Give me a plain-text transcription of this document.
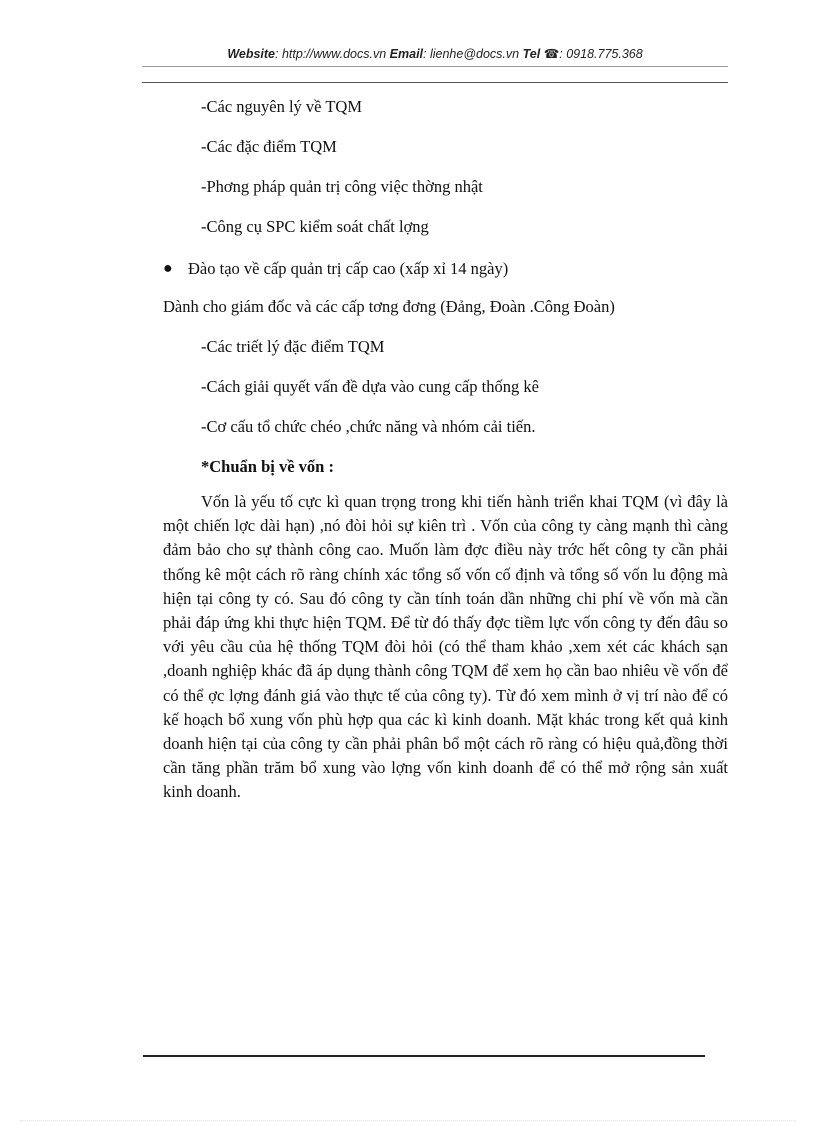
Website: http://www.docs.vn Email: lienhe@docs.vn Tel ☎: 0918.775.368
-Các nguyên lý về TQM
-Các đặc điểm TQM
-Phơng pháp quản trị công việc thờng nhật
-Công cụ SPC kiểm soát chất lợng
● Đào tạo về cấp quản trị cấp cao (xấp xỉ 14 ngày)
Dành cho giám đốc và các cấp tơng đơng (Đảng, Đoàn .Công Đoàn)
-Các triết lý đặc điểm TQM
-Cách giải quyết vấn đề dựa vào cung cấp thống kê
-Cơ cấu tổ chức chéo ,chức năng và nhóm cải tiến.
*Chuẩn bị về vốn :

Vốn là yếu tố cực kì quan trọng trong khi tiến hành triển khai TQM (vì đây là một chiến lợc dài hạn) ,nó đòi hỏi sự kiên trì . Vốn của công ty càng mạnh thì càng đảm bảo cho sự thành công cao. Muốn làm đợc điều này trớc hết công ty cần phải thống kê một cách rõ ràng chính xác tổng số vốn cố định và tổng số vốn lu động mà hiện tại công ty có. Sau đó công ty cần tính toán dần những chi phí về vốn mà cần phải đáp ứng khi thực hiện TQM. Để từ đó thấy đợc tiềm lực vốn công ty đến đâu so với yêu cầu của hệ thống TQM đòi hỏi (có thể tham khảo ,xem xét các khách sạn ,doanh nghiệp khác đã áp dụng thành công TQM để xem họ cần bao nhiêu về vốn để có thể ợc lợng đánh giá vào thực tế của công ty). Từ đó xem mình ở vị trí nào để có kế hoạch bổ xung vốn phù hợp qua các kì kinh doanh. Mặt khác trong kết quả kinh doanh hiện tại của công ty cần phải phân bổ một cách rõ ràng có hiệu quả,đồng thời cần tăng phần trăm bổ xung vào lợng vốn kinh doanh để có thể mở rộng sản xuất kinh doanh.
